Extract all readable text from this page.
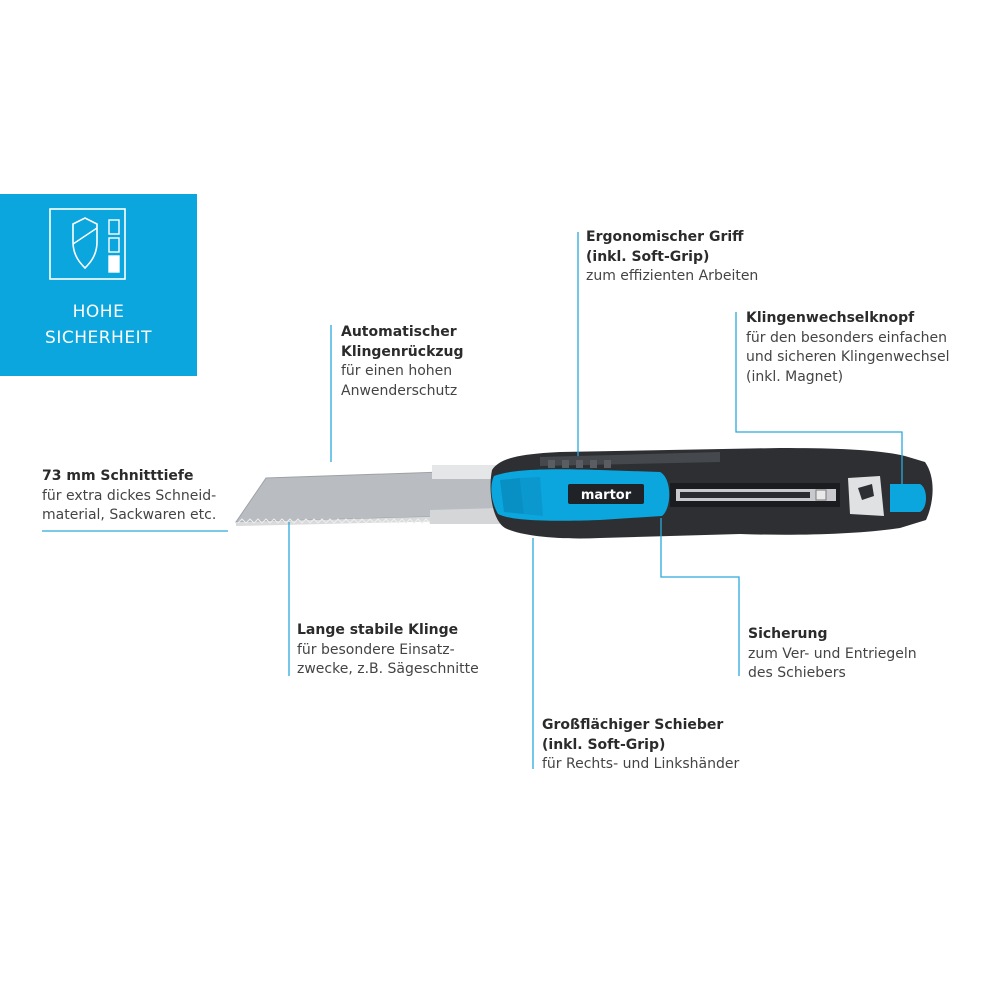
HOHE
SICHERHEIT
martor
73 mm Schnitttiefe
für extra dickes Schneid-
material, Sackwaren etc.
Automatischer
Klingenrückzug
für einen hohen
Anwenderschutz
Ergonomischer Griff
(inkl. Soft-Grip)
zum effizienten Arbeiten
Klingenwechselknopf
für den besonders einfachen
und sicheren Klingenwechsel
(inkl. Magnet)
Lange stabile Klinge
für besondere Einsatz-
zwecke, z.B. Sägeschnitte
Sicherung
zum Ver- und Entriegeln
des Schiebers
Großflächiger Schieber
(inkl. Soft-Grip)
für Rechts- und Linkshänder
